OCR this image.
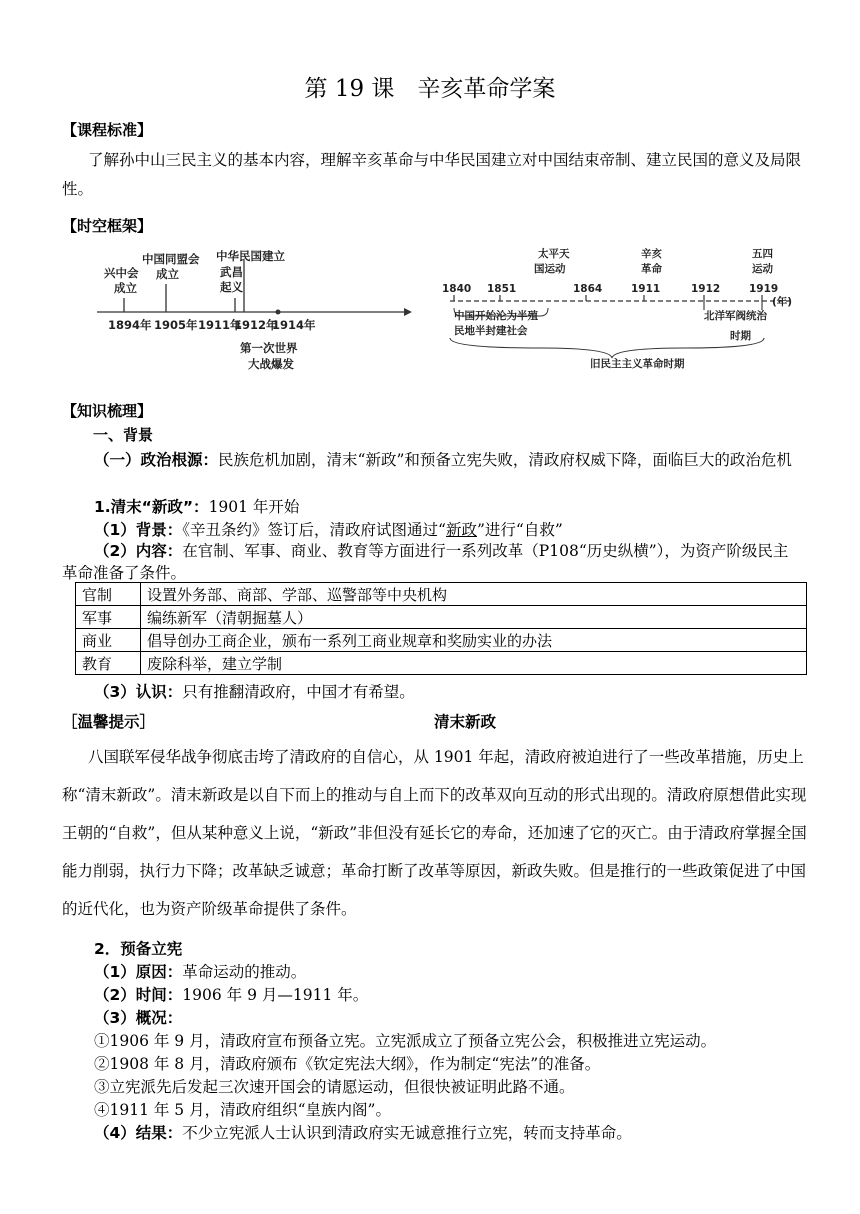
第 19 课　辛亥革命学案
【课程标准】
了解孙中山三民主义的基本内容，理解辛亥革命与中华民国建立对中国结束帝制、建立民国的意义及局限性。
【时空框架】
兴中会
成立
中国同盟会
成立
中华民国建立
武昌
起义
1894年 1905年 1911年
1912年
1914年
第一次世界
大战爆发
1840 1851	1864	1911	1912	1919
(年)
太平天
国运动
辛亥
革命
五四
运动
中国开始沦为半殖
民地半封建社会
北洋军阀统治
时期
旧民主主义革命时期
【知识梳理】
一、背景
（一）政治根源：民族危机加剧，清末“新政”和预备立宪失败，清政府权威下降，面临巨大的政治危机
1.清末“新政”：1901 年开始
（1）背景：《辛丑条约》签订后，清政府试图通过“新政”进行“自救”
（2）内容：在官制、军事、商业、教育等方面进行一系列改革（P108“历史纵横”），为资产阶级民主革命准备了条件。
官制	设置外务部、商部、学部、巡警部等中央机构
军事	编练新军（清朝掘墓人）
商业	倡导创办工商企业，颁布一系列工商业规章和奖励实业的办法
教育	废除科举，建立学制
（3）认识：只有推翻清政府，中国才有希望。
［温馨提示］	清末新政
八国联军侵华战争彻底击垮了清政府的自信心，从 1901 年起，清政府被迫进行了一些改革措施，历史上称“清末新政”。清末新政是以自下而上的推动与自上而下的改革双向互动的形式出现的。清政府原想借此实现王朝的“自救”，但从某种意义上说，“新政”非但没有延长它的寿命，还加速了它的灭亡。由于清政府掌握全国能力削弱，执行力下降；改革缺乏诚意；革命打断了改革等原因，新政失败。但是推行的一些政策促进了中国的近代化，也为资产阶级革命提供了条件。
2．预备立宪
（1）原因：革命运动的推动。
（2）时间：1906 年 9 月—1911 年。
（3）概况：
①1906 年 9 月，清政府宣布预备立宪。立宪派成立了预备立宪公会，积极推进立宪运动。
②1908 年 8 月，清政府颁布《钦定宪法大纲》，作为制定“宪法”的准备。
③立宪派先后发起三次速开国会的请愿运动，但很快被证明此路不通。
④1911 年 5 月，清政府组织“皇族内阁”。
（4）结果：不少立宪派人士认识到清政府实无诚意推行立宪，转而支持革命。
